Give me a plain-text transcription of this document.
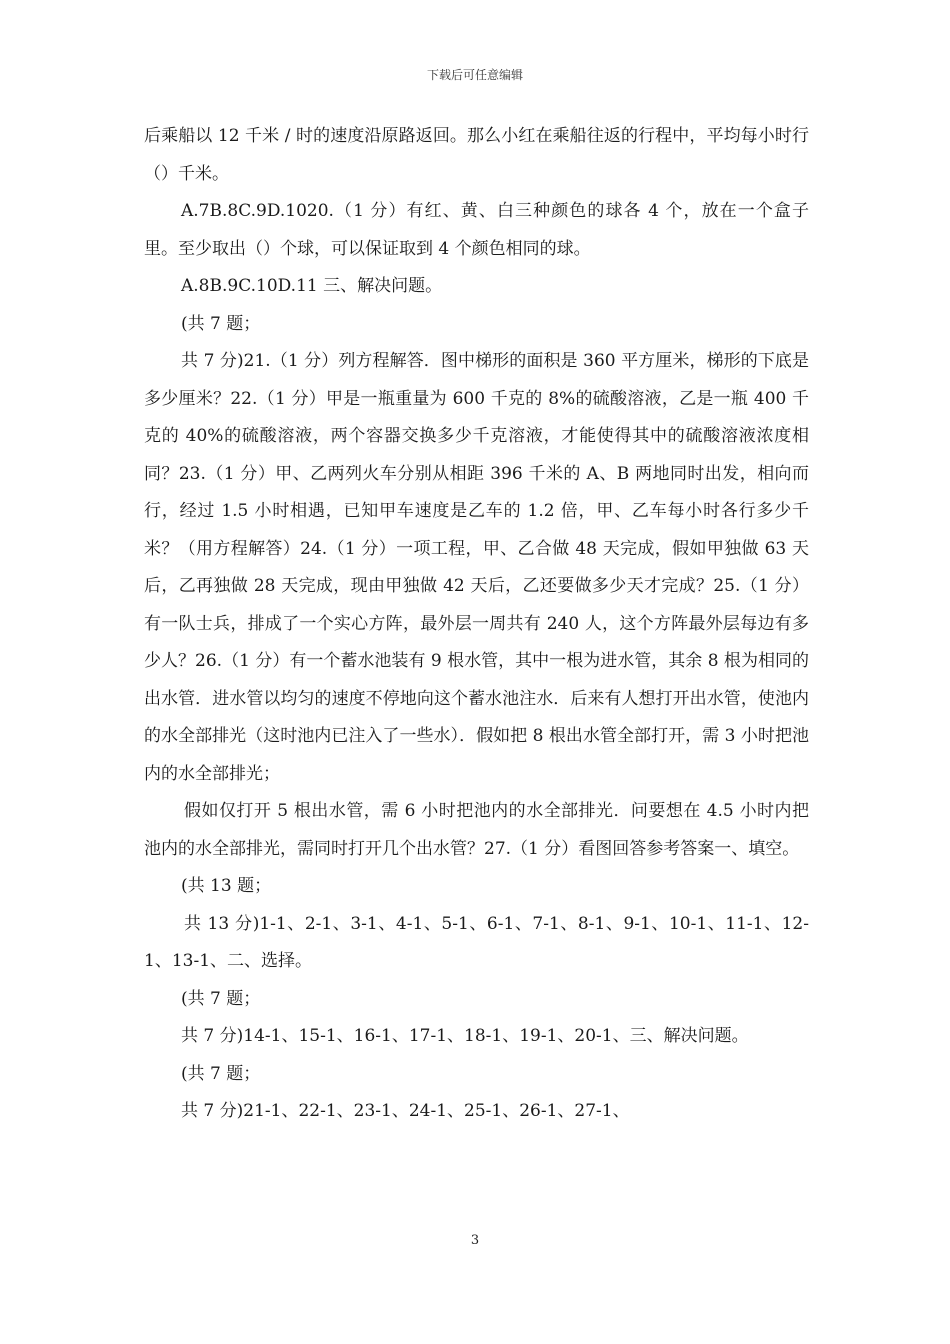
下载后可任意编辑

后乘船以 12 千米 / 时的速度沿原路返回。那么小红在乘船往返的行程中，平均每小时行（）千米。

A.7B.8C.9D.1020.（1 分）有红、黄、白三种颜色的球各 4 个，放在一个盒子里。至少取出（）个球，可以保证取到 4 个颜色相同的球。

A.8B.9C.10D.11 三、解决问题。

(共 7 题；

共 7 分)21.（1 分）列方程解答．图中梯形的面积是 360 平方厘米，梯形的下底是多少厘米？22.（1 分）甲是一瓶重量为 600 千克的 8%的硫酸溶液，乙是一瓶 400 千克的 40%的硫酸溶液，两个容器交换多少千克溶液，才能使得其中的硫酸溶液浓度相同？23.（1 分）甲、乙两列火车分别从相距 396 千米的 A、B 两地同时出发，相向而行，经过 1.5 小时相遇，已知甲车速度是乙车的 1.2 倍，甲、乙车每小时各行多少千米？（用方程解答）24.（1 分）一项工程，甲、乙合做 48 天完成，假如甲独做 63 天后，乙再独做 28 天完成，现由甲独做 42 天后，乙还要做多少天才完成？25.（1 分）有一队士兵，排成了一个实心方阵，最外层一周共有 240 人，这个方阵最外层每边有多少人？26.（1 分）有一个蓄水池装有 9 根水管，其中一根为进水管，其余 8 根为相同的出水管．进水管以均匀的速度不停地向这个蓄水池注水．后来有人想打开出水管，使池内的水全部排光（这时池内已注入了一些水）．假如把 8 根出水管全部打开，需 3 小时把池内的水全部排光；

假如仅打开 5 根出水管，需 6 小时把池内的水全部排光．问要想在 4.5 小时内把池内的水全部排光，需同时打开几个出水管？27.（1 分）看图回答参考答案一、填空。

(共 13 题；

共 13 分)1-1、2-1、3-1、4-1、5-1、6-1、7-1、8-1、9-1、10-1、11-1、12-1、13-1、二、选择。

(共 7 题；

共 7 分)14-1、15-1、16-1、17-1、18-1、19-1、20-1、三、解决问题。

(共 7 题；

共 7 分)21-1、22-1、23-1、24-1、25-1、26-1、27-1、

3
